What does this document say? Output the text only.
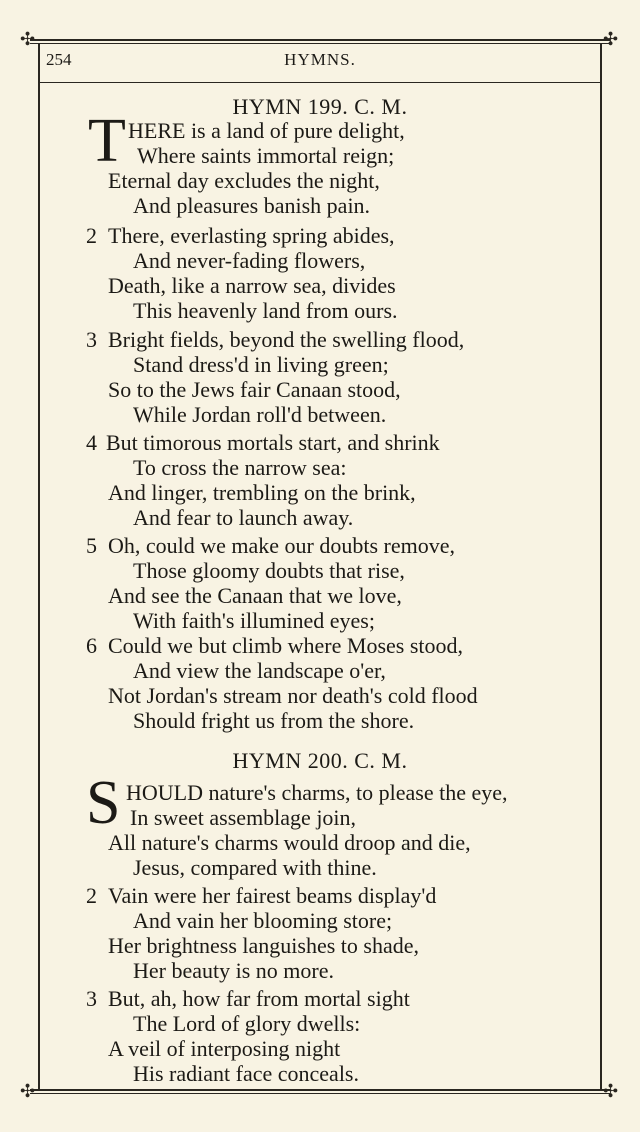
✣	✣
✣	✣
254	HYMNS.
HYMN 199. C. M.
T HERE is a land of pure delight,
Where saints immortal reign;
Eternal day excludes the night,
And pleasures banish pain.
2 There, everlasting spring abides,
And never-fading flowers,
Death, like a narrow sea, divides
This heavenly land from ours.
3 Bright fields, beyond the swelling flood,
Stand dress'd in living green;
So to the Jews fair Canaan stood,
While Jordan roll'd between.
4 But timorous mortals start, and shrink
To cross the narrow sea:
And linger, trembling on the brink,
And fear to launch away.
5 Oh, could we make our doubts remove,
Those gloomy doubts that rise,
And see the Canaan that we love,
With faith's illumined eyes;
6 Could we but climb where Moses stood,
And view the landscape o'er,
Not Jordan's stream nor death's cold flood
Should fright us from the shore.
HYMN 200. C. M.
S HOULD nature's charms, to please the eye,
In sweet assemblage join,
All nature's charms would droop and die,
Jesus, compared with thine.
2 Vain were her fairest beams display'd
And vain her blooming store;
Her brightness languishes to shade,
Her beauty is no more.
3 But, ah, how far from mortal sight
The Lord of glory dwells:
A veil of interposing night
His radiant face conceals.
